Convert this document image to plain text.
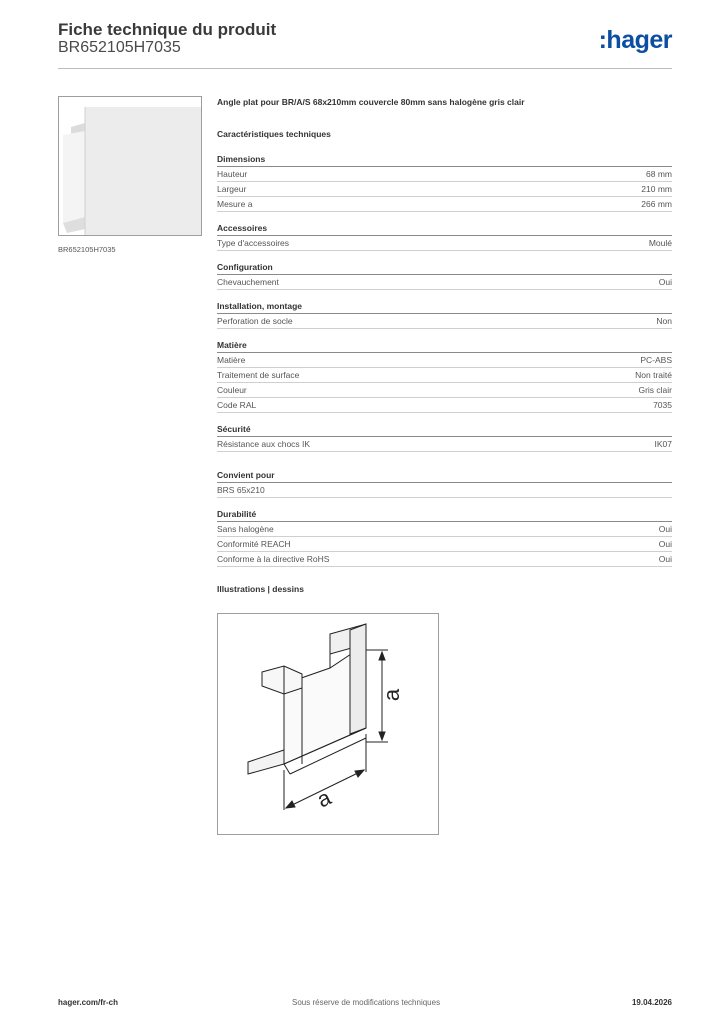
Fiche technique du produit
BR652105H7035	:hager
BR652105H7035
Angle plat pour BR/A/S 68x210mm couvercle 80mm sans halogène gris clair
Caractéristiques techniques
Dimensions
Hauteur	68 mm
Largeur	210 mm
Mesure a	266 mm
Accessoires
Type d'accessoires	Moulé
Configuration
Chevauchement	Oui
Installation, montage
Perforation de socle	Non
Matière
Matière	PC-ABS
Traitement de surface	Non traité
Couleur	Gris clair
Code RAL	7035
Sécurité
Résistance aux chocs IK	IK07
Convient pour
BRS 65x210
Durabilité
Sans halogène	Oui
Conformité REACH	Oui
Conforme à la directive RoHS	Oui
Illustrations | dessins
a
a
hager.com/fr-ch	Sous réserve de modifications techniques	19.04.2026
